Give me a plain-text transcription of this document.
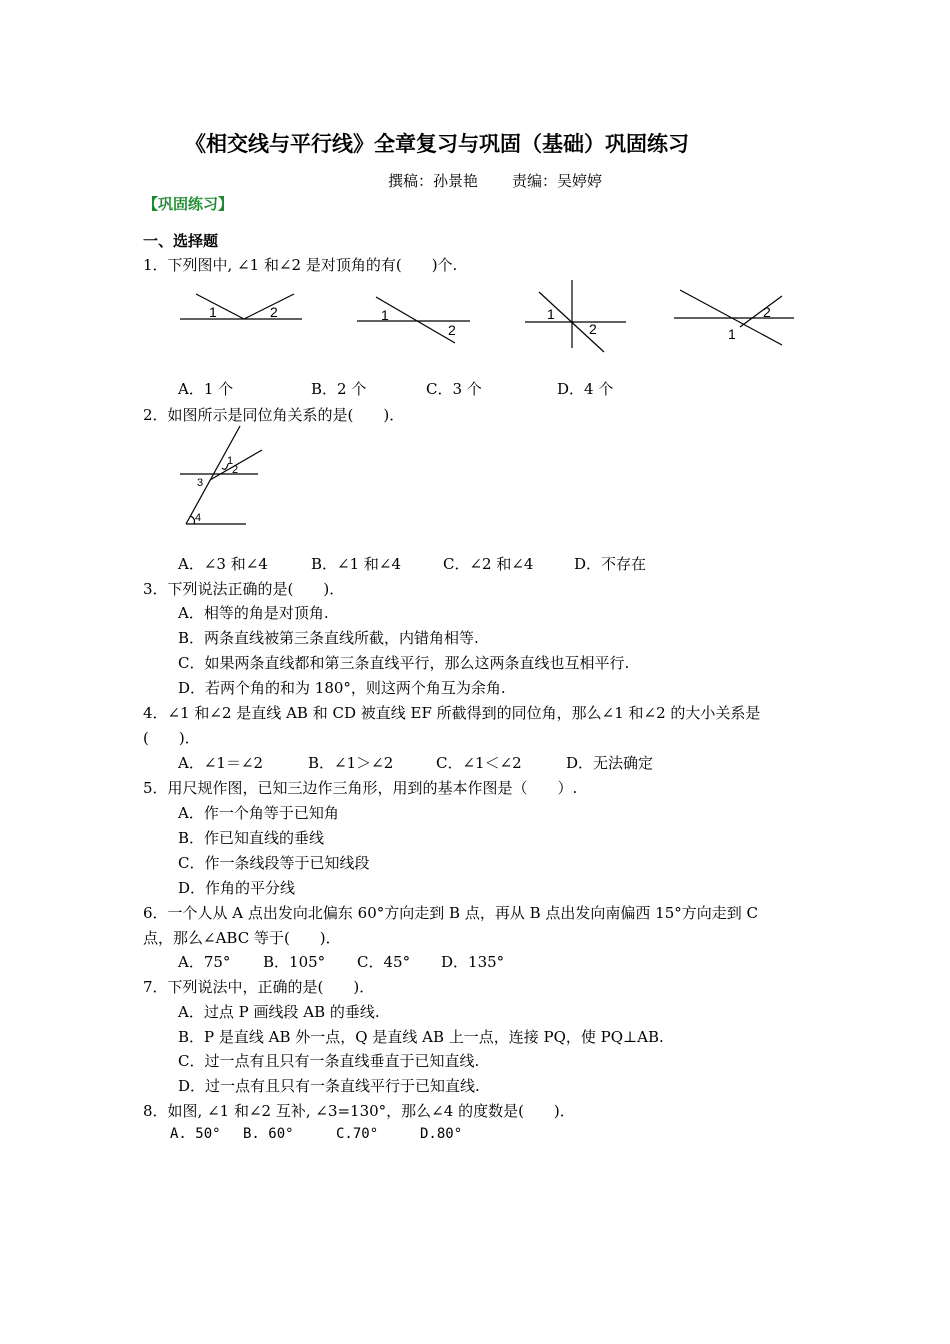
《相交线与平行线》全章复习与巩固（基础）巩固练习
撰稿：孙景艳 责编：吴婷婷
【巩固练习】
一、选择题
1．下列图中, ∠1 和∠2 是对顶角的有(　　)个.
1	2	1
2
1
2	1
2
A．1 个	B．2 个	C．3 个	D．4 个
2．如图所示是同位角关系的是(　　)．
1
2
3
4
A．∠3 和∠4	B．∠1 和∠4	C．∠2 和∠4	D．不存在
3．下列说法正确的是(　　)．
A．相等的角是对顶角.
B．两条直线被第三条直线所截，内错角相等.
C．如果两条直线都和第三条直线平行，那么这两条直线也互相平行.
D．若两个角的和为 180°，则这两个角互为余角.
4．∠1 和∠2 是直线 AB 和 CD 被直线 EF 所截得到的同位角，那么∠1 和∠2 的大小关系是
(　　)．
A．∠1＝∠2	B．∠1＞∠2	C．∠1＜∠2	D．无法确定
5．用尺规作图，已知三边作三角形，用到的基本作图是（　　）.
A．作一个角等于已知角
B．作已知直线的垂线
C．作一条线段等于已知线段
D．作角的平分线
6．一个人从 A 点出发向北偏东 60°方向走到 B 点，再从 B 点出发向南偏西 15°方向走到 C
点，那么∠ABC 等于(　　)．
A．75° B．105° C．45° D．135°
7．下列说法中，正确的是(　　)．
A．过点 P 画线段 AB 的垂线.
B．P 是直线 AB 外一点，Q 是直线 AB 上一点，连接 PQ，使 PQ⊥AB.
C．过一点有且只有一条直线垂直于已知直线.
D．过一点有且只有一条直线平行于已知直线.
8．如图, ∠1 和∠2 互补, ∠3=130°，那么∠4 的度数是(　　)．
A. 50° B. 60°	C.70°	D.80°
